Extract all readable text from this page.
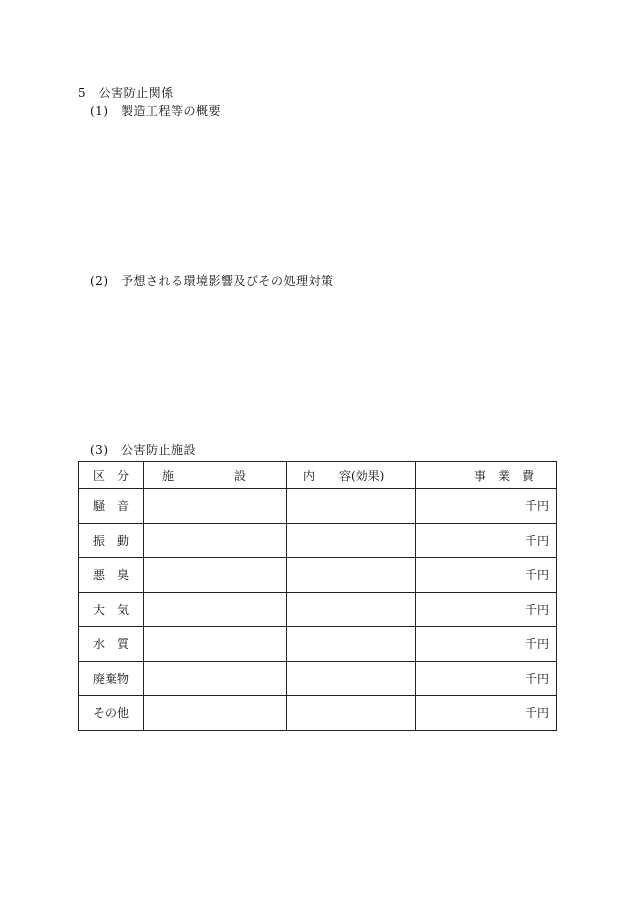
5　公害防止関係
(1)　製造工程等の概要
(2)　予想される環境影響及びその処理対策
(3)　公害防止施設
区　分	施　　　　　設	内　　容(効果)	事　業　費
騒　音			千円
振　動			千円
悪　臭			千円
大　気			千円
水　質			千円
廃棄物			千円
その他			千円
